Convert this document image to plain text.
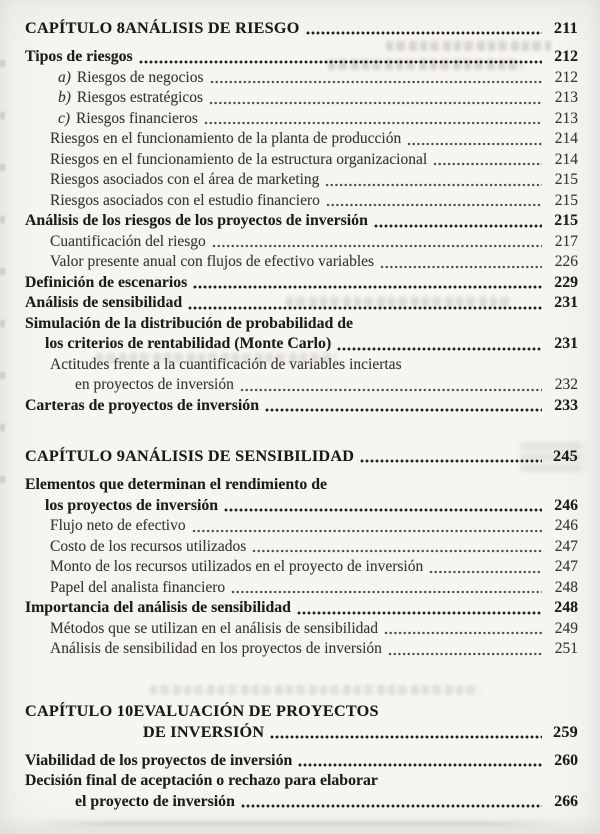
CAPÍTULO 8 ANÁLISIS DE RIESGO	211
Tipos de riesgos	212
a) Riesgos de negocios	212
b) Riesgos estratégicos	213
c) Riesgos financieros	213
Riesgos en el funcionamiento de la planta de producción	214
Riesgos en el funcionamiento de la estructura organizacional	214
Riesgos asociados con el área de marketing	215
Riesgos asociados con el estudio financiero	215
Análisis de los riesgos de los proyectos de inversión	215
Cuantificación del riesgo	217
Valor presente anual con flujos de efectivo variables	226
Definición de escenarios	229
Análisis de sensibilidad	231
Simulación de la distribución de probabilidad de
los criterios de rentabilidad (Monte Carlo)	231
Actitudes frente a la cuantificación de variables inciertas
en proyectos de inversión	232
Carteras de proyectos de inversión	233
CAPÍTULO 9 ANÁLISIS DE SENSIBILIDAD	245
Elementos que determinan el rendimiento de
los proyectos de inversión	246
Flujo neto de efectivo	246
Costo de los recursos utilizados	247
Monto de los recursos utilizados en el proyecto de inversión	247
Papel del analista financiero	248
Importancia del análisis de sensibilidad	248
Métodos que se utilizan en el análisis de sensibilidad	249
Análisis de sensibilidad en los proyectos de inversión	251
CAPÍTULO 10 EVALUACIÓN DE PROYECTOS
DE INVERSIÓN	259
Viabilidad de los proyectos de inversión	260
Decisión final de aceptación o rechazo para elaborar
el proyecto de inversión	266
